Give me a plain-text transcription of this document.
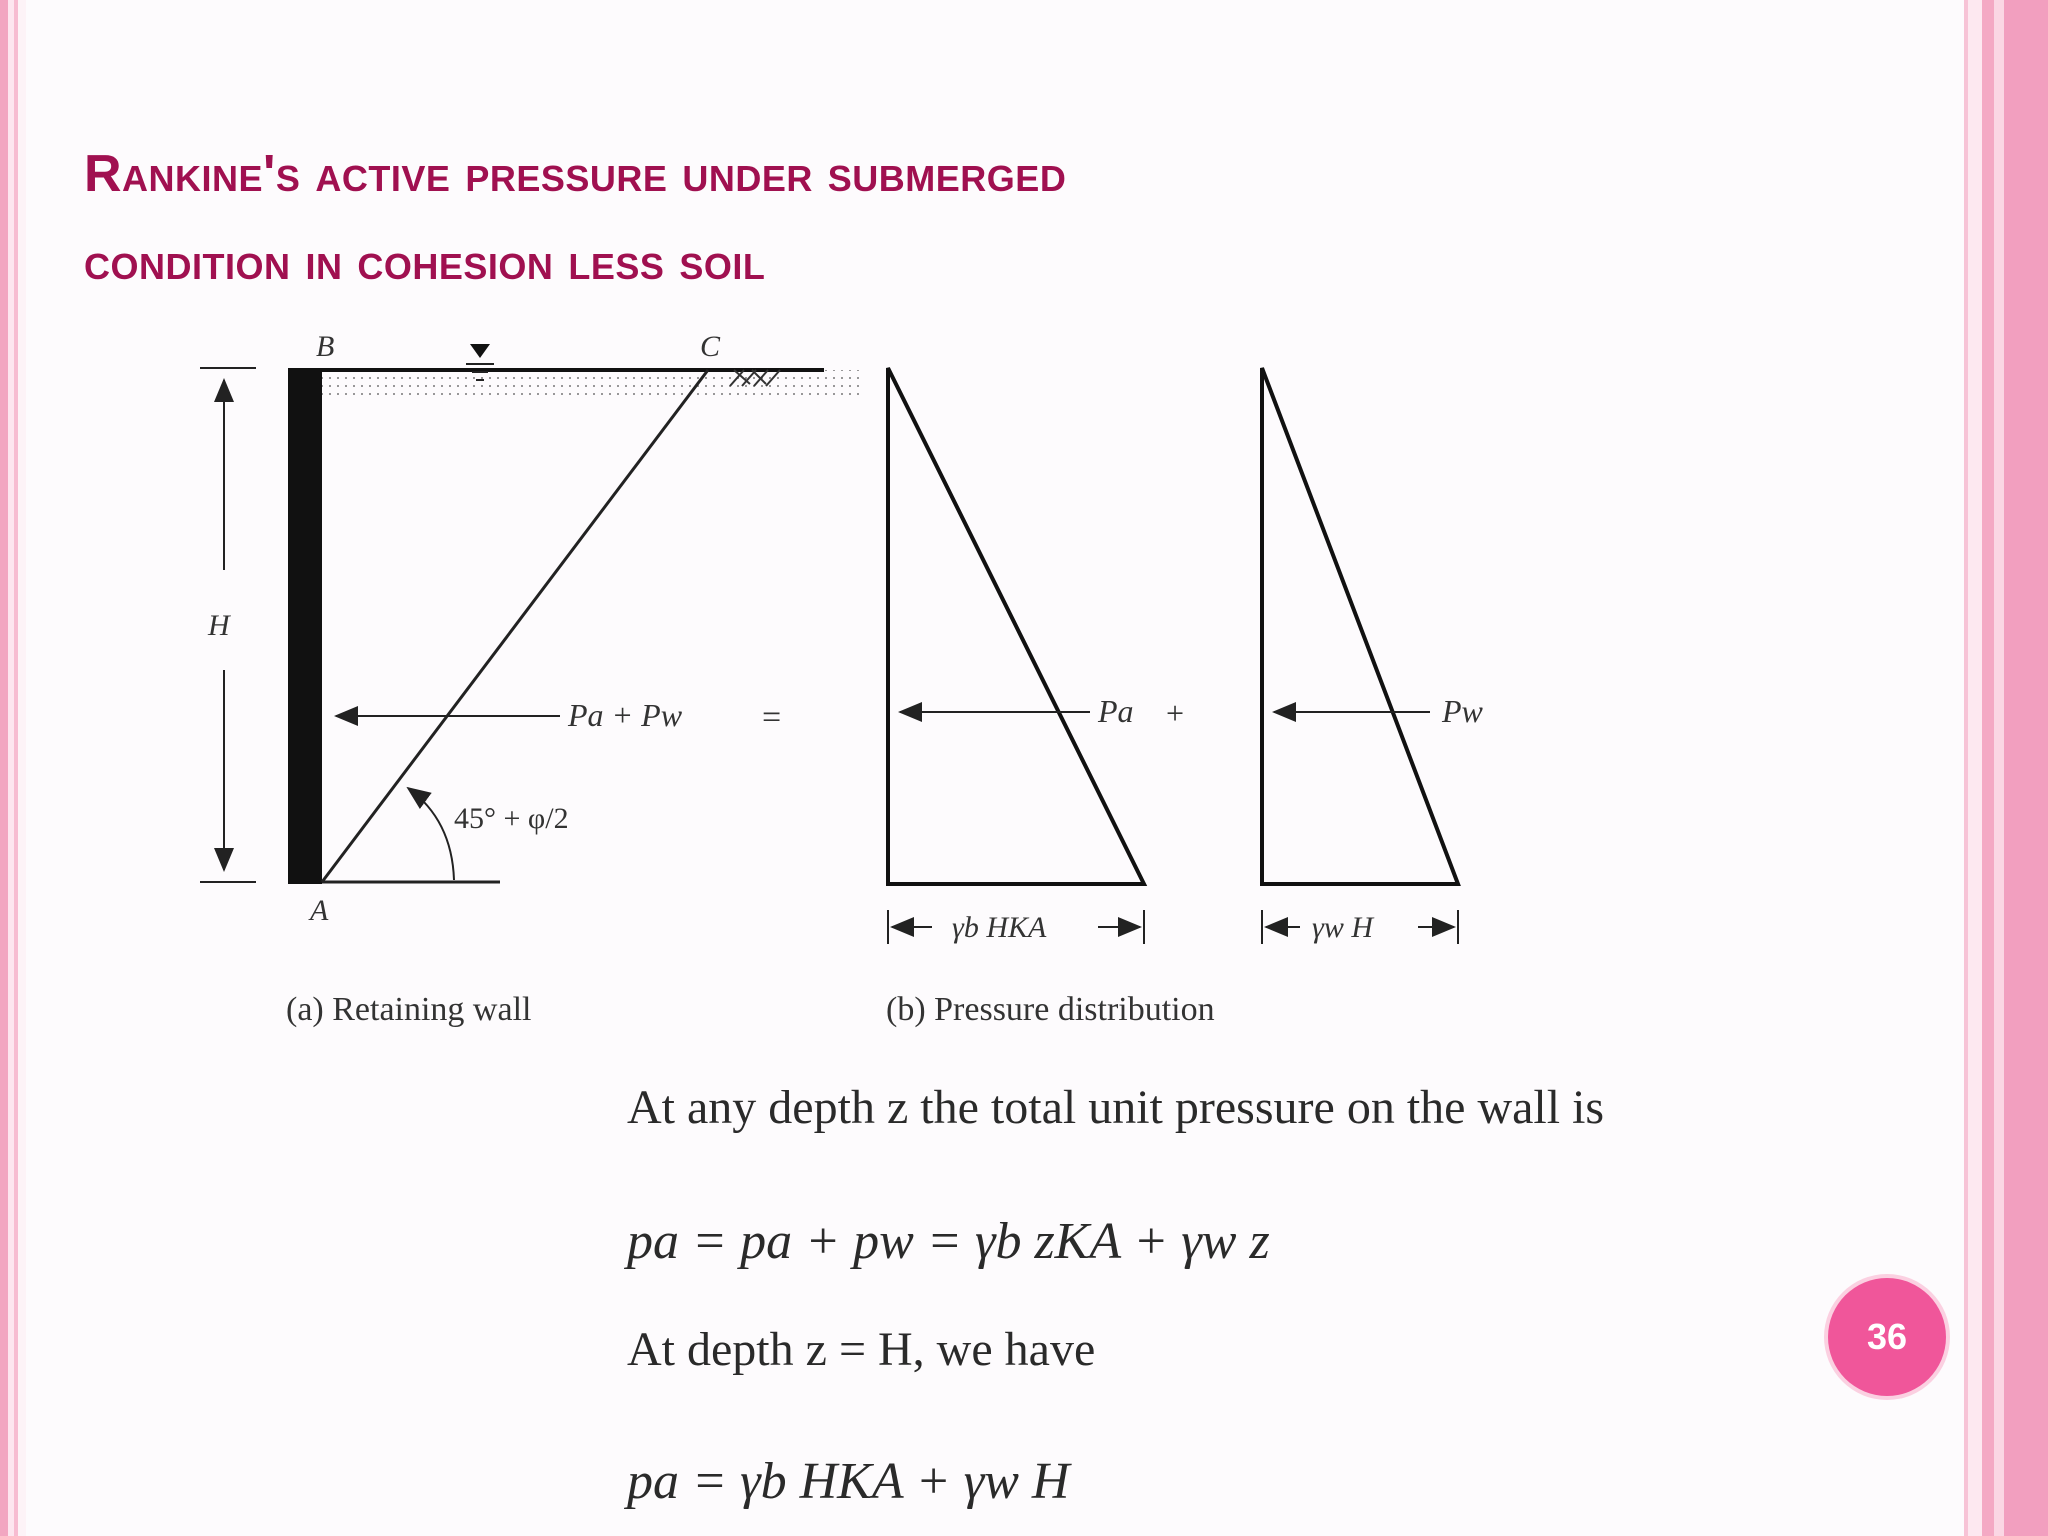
Rankine's active pressure under submerged
condition in cohesion less soil
H
B	C
A
Pa + Pw =
45° + φ/2
Pa +
γb HKA
Pw
γw H
(a) Retaining wall	(b) Pressure distribution
At any depth z the total unit pressure on the wall is
pa = pa + pw = γb zKA + γw z
At depth z = H, we have
pa = γb HKA + γw H
36
